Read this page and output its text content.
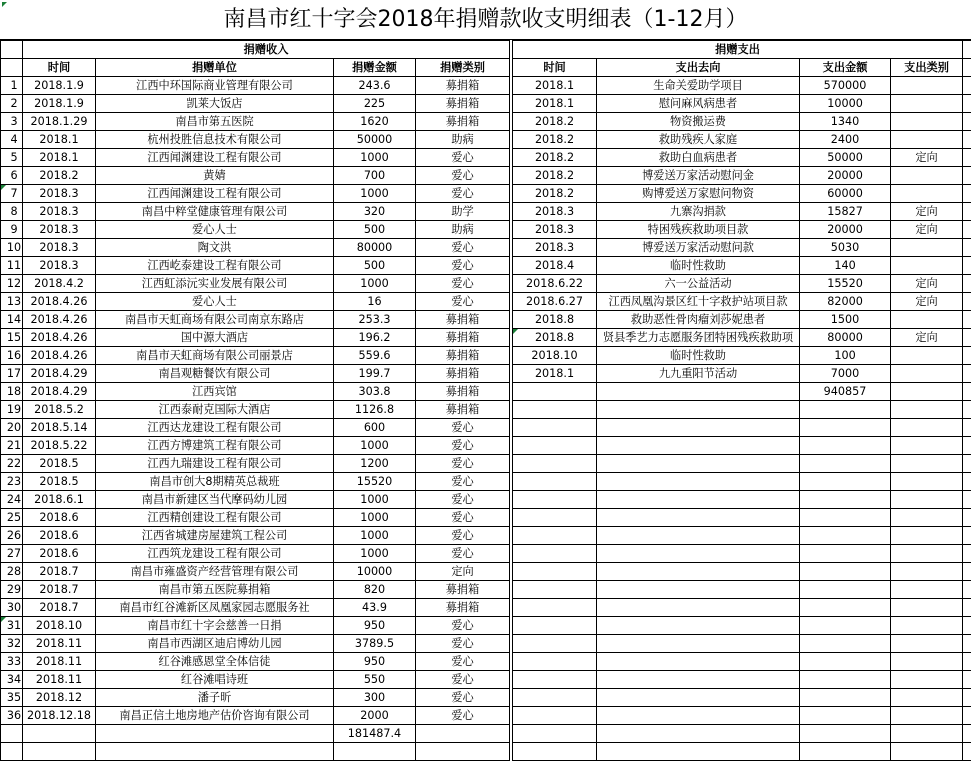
南昌市红十字会2018年捐赠款收支明细表（1-12月）
	捐赠收入					捐赠支出				
	时间	捐赠单位	捐赠金额	捐赠类别		时间	支出去向	支出金额	支出类别	
1	2018.1.9	江西中环国际商业管理有限公司	243.6	募捐箱		2018.1	生命关爱助学项目	570000		
2	2018.1.9	凯莱大饭店	225	募捐箱		2018.1	慰问麻风病患者	10000		
3	2018.1.29	南昌市第五医院	1620	募捐箱		2018.2	物资搬运费	1340		
4	2018.1	杭州投胜信息技术有限公司	50000	助病		2018.2	救助残疾人家庭	2400		
5	2018.1	江西闻渊建设工程有限公司	1000	爱心		2018.2	救助白血病患者	50000	定向	
6	2018.2	黄婧	700	爱心		2018.2	博爱送万家活动慰问金	20000		
7	2018.3	江西闻渊建设工程有限公司	1000	爱心		2018.2	购博爱送万家慰问物资	60000		
8	2018.3	南昌中粹堂健康管理有限公司	320	助学		2018.3	九寨沟捐款	15827	定向	
9	2018.3	爱心人士	500	助病		2018.3	特困残疾救助项目款	20000	定向	
10	2018.3	陶文洪	80000	爱心		2018.3	博爱送万家活动慰问款	5030		
11	2018.3	江西屹泰建设工程有限公司	500	爱心		2018.4	临时性救助	140		
12	2018.4.2	江西虹添沅实业发展有限公司	1000	爱心		2018.6.22	六一公益活动	15520	定向	
13	2018.4.26	爱心人士	16	爱心		2018.6.27	江西凤凰沟景区红十字救护站项目款	82000	定向	
14	2018.4.26	南昌市天虹商场有限公司南京东路店	253.3	募捐箱		2018.8	救助恶性骨肉瘤刘莎妮患者	1500		
15	2018.4.26	国中源大酒店	196.2	募捐箱		2018.8	贤县季艺力志愿服务团特困残疾救助项	80000	定向	
16	2018.4.26	南昌市天虹商场有限公司丽景店	559.6	募捐箱		2018.10	临时性救助	100		
17	2018.4.29	南昌观糖餐饮有限公司	199.7	募捐箱		2018.1	九九重阳节活动	7000		
18	2018.4.29	江西宾馆	303.8	募捐箱				940857		
19	2018.5.2	江西泰耐克国际大酒店	1126.8	募捐箱						
20	2018.5.14	江西达龙建设工程有限公司	600	爱心						
21	2018.5.22	江西方博建筑工程有限公司	1000	爱心						
22	2018.5	江西九瑞建设工程有限公司	1200	爱心						
23	2018.5	南昌市创大8期精英总裁班	15520	爱心						
24	2018.6.1	南昌市新建区当代摩码幼儿园	1000	爱心						
25	2018.6	江西精创建设工程有限公司	1000	爱心						
26	2018.6	江西省城建房屋建筑工程公司	1000	爱心						
27	2018.6	江西筑龙建设工程有限公司	1000	爱心						
28	2018.7	南昌市雍盛资产经营管理有限公司	10000	定向						
29	2018.7	南昌市第五医院募捐箱	820	募捐箱						
30	2018.7	南昌市红谷滩新区凤凰家园志愿服务社	43.9	募捐箱						
31	2018.10	南昌市红十字会慈善一日捐	950	爱心						
32	2018.11	南昌市西湖区迪启博幼儿园	3789.5	爱心						
33	2018.11	红谷滩感恩堂全体信徒	950	爱心						
34	2018.11	红谷滩唱诗班	550	爱心						
35	2018.12	潘子昕	300	爱心						
36	2018.12.18	南昌正信土地房地产估价咨询有限公司	2000	爱心						
			181487.4							
